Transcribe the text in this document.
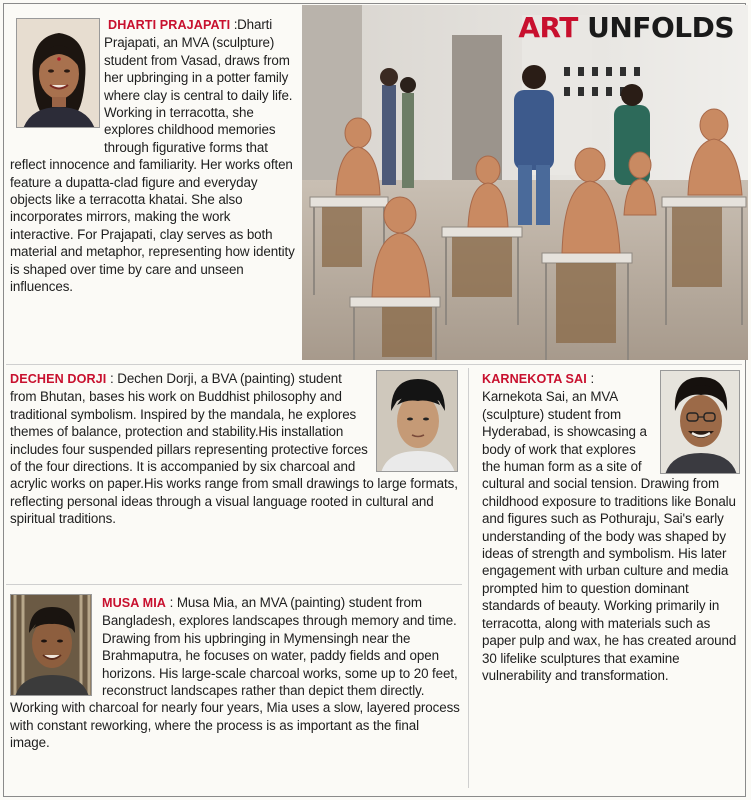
DHARTI PRAJAPATI : Dharti Prajapati, an MVA (sculpture) student from Vasad, draws from her upbringing in a potter family where clay is central to daily life. Working in terracotta, she explores childhood memories through figurative forms that reflect innocence and familiarity. Her works often feature a dupatta-clad figure and everyday objects like a terracotta khatai. She also incorporates mirrors, making the work interactive. For Prajapati, clay serves as both material and metaphor, representing how identity is shaped over time by care and unseen influences.

ART UNFOLDS

DECHEN DORJI : Dechen Dorji, a BVA (painting) student from Bhutan, bases his work on Buddhist philosophy and traditional symbolism. Inspired by the mandala, he explores themes of balance, protection and stability.His installation includes four suspended pillars representing protective forces of the four directions. It is accompanied by six charcoal and acrylic works on paper.His works range from small drawings to large formats, reflecting personal ideas through a visual language rooted in cultural and spiritual traditions.

MUSA MIA : Musa Mia, an MVA (painting) student from Bangladesh, explores landscapes through memory and time. Drawing from his upbringing in Mymensingh near the Brahmaputra, he focuses on water, paddy fields and open horizons. His large-scale charcoal works, some up to 20 feet, reconstruct landscapes rather than depict them directly. Working with charcoal for nearly four years, Mia uses a slow, layered process with constant reworking, where the process is as important as the final image.

KARNEKOTA SAI :
Karnekota Sai, an MVA (sculpture) student from Hyderabad, is showcasing a body of work that explores the human form as a site of cultural and social tension. Drawing from childhood exposure to traditions like Bonalu and figures such as Pothuraju, Sai's early understanding of the body was shaped by ideas of strength and symbolism. His later engagement with urban culture and media prompted him to question dominant standards of beauty. Working primarily in terracotta, along with materials such as paper pulp and wax, he has created around 30 lifelike sculptures that examine vulnerability and transformation.
